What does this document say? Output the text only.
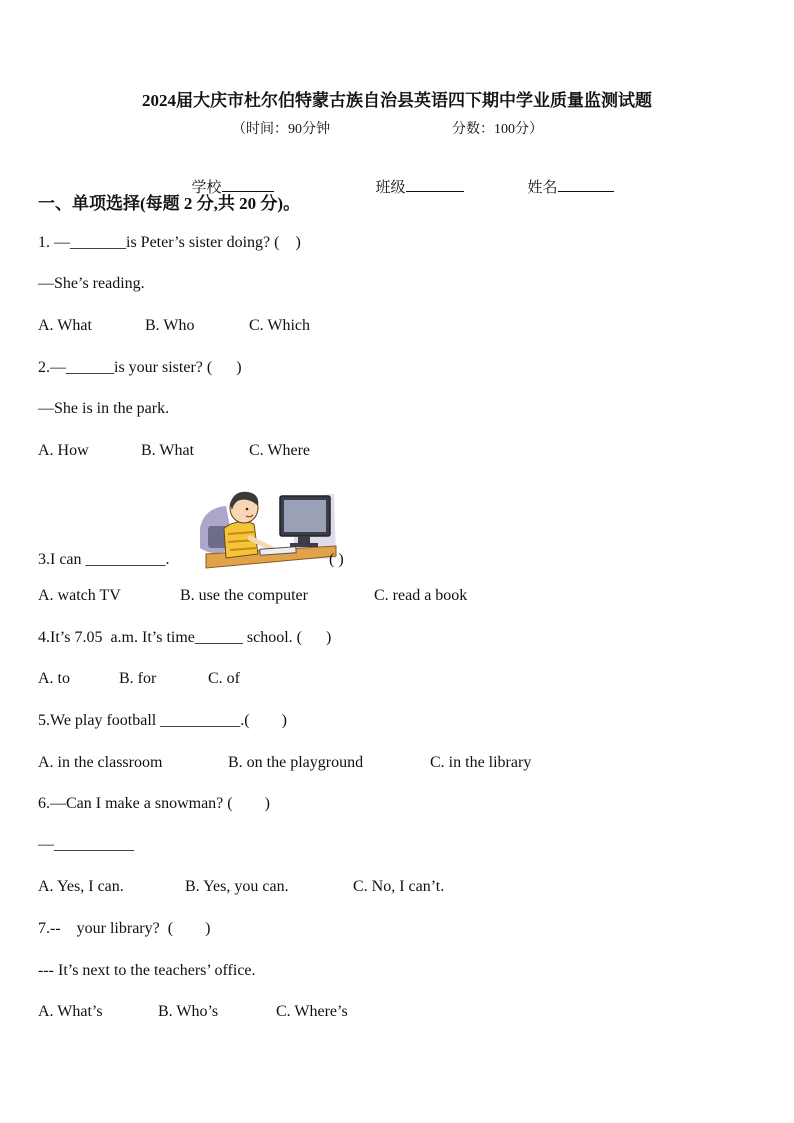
2024届大庆市杜尔伯特蒙古族自治县英语四下期中学业质量监测试题
（时间：90分钟	分数：100分）

学校	班级	姓名

一、单项选择(每题 2 分,共 20 分)。
1. —_______is Peter’s sister doing? (    )
—She’s reading.
A. What	B. Who	C. Which
2.—______is your sister? (      )
—She is in the park.
A. How	B. What	C. Where

3.I can __________.	( )
A. watch TV	B. use the computer	C. read a book
4.It’s 7.05  a.m. It’s time______ school. (      )
A. to	B. for	C. of
5.We play football __________.(        )
A. in the classroom	B. on the playground	C. in the library
6.—Can I make a snowman? (        )
—__________
A. Yes, I can.	B. Yes, you can.	C. No, I can’t.
7.--    your library?  (        )
--- It’s next to the teachers’ office.
A. What’s	B. Who’s	C. Where’s
